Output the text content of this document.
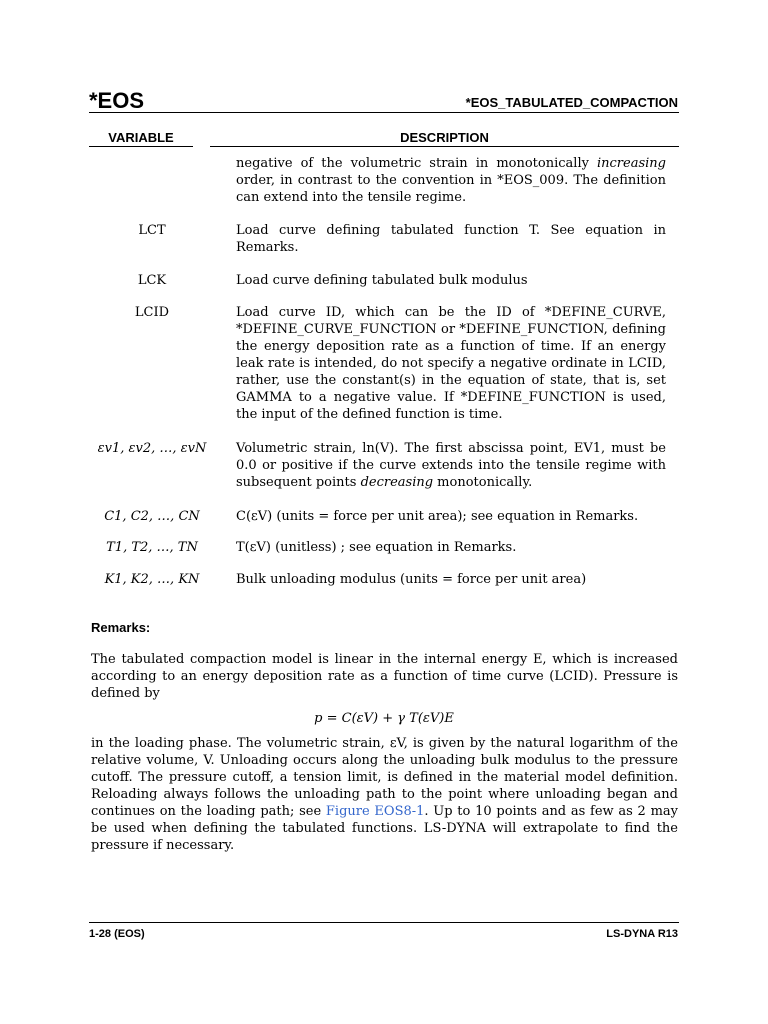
*EOS	*EOS_TABULATED_COMPACTION
VARIABLE	DESCRIPTION
negative of the volumetric strain in monotonically increasing order, in contrast to the convention in *EOS_009. The definition can extend into the tensile regime.
LCT	Load curve defining tabulated function T. See equation in Remarks.
LCK	Load curve defining tabulated bulk modulus
LCID	Load curve ID, which can be the ID of *DEFINE_CURVE, *DEFINE_CURVE_FUNCTION or *DEFINE_FUNCTION, defining the energy deposition rate as a function of time. If an energy leak rate is intended, do not specify a negative ordinate in LCID, rather, use the constant(s) in the equation of state, that is, set GAMMA to a negative value. If *DEFINE_FUNCTION is used, the input of the defined function is time.
εv1, εv2, …, εvN	Volumetric strain, ln(V). The first abscissa point, EV1, must be 0.0 or positive if the curve extends into the tensile regime with subsequent points decreasing monotonically.
C1, C2, …, CN	C(εV) (units = force per unit area); see equation in Remarks.
T1, T2, …, TN	T(εV) (unitless) ; see equation in Remarks.
K1, K2, …, KN	Bulk unloading modulus (units = force per unit area)
Remarks:
The tabulated compaction model is linear in the internal energy E, which is increased according to an energy deposition rate as a function of time curve (LCID). Pressure is defined by
p = C(εV) + γ T(εV)E
in the loading phase. The volumetric strain, εV, is given by the natural logarithm of the relative volume, V. Unloading occurs along the unloading bulk modulus to the pressure cutoff. The pressure cutoff, a tension limit, is defined in the material model definition. Reloading always follows the unloading path to the point where unloading began and continues on the loading path; see Figure EOS8-1. Up to 10 points and as few as 2 may be used when defining the tabulated functions. LS-DYNA will extrapolate to find the pressure if necessary.
1-28 (EOS)	LS-DYNA R13
